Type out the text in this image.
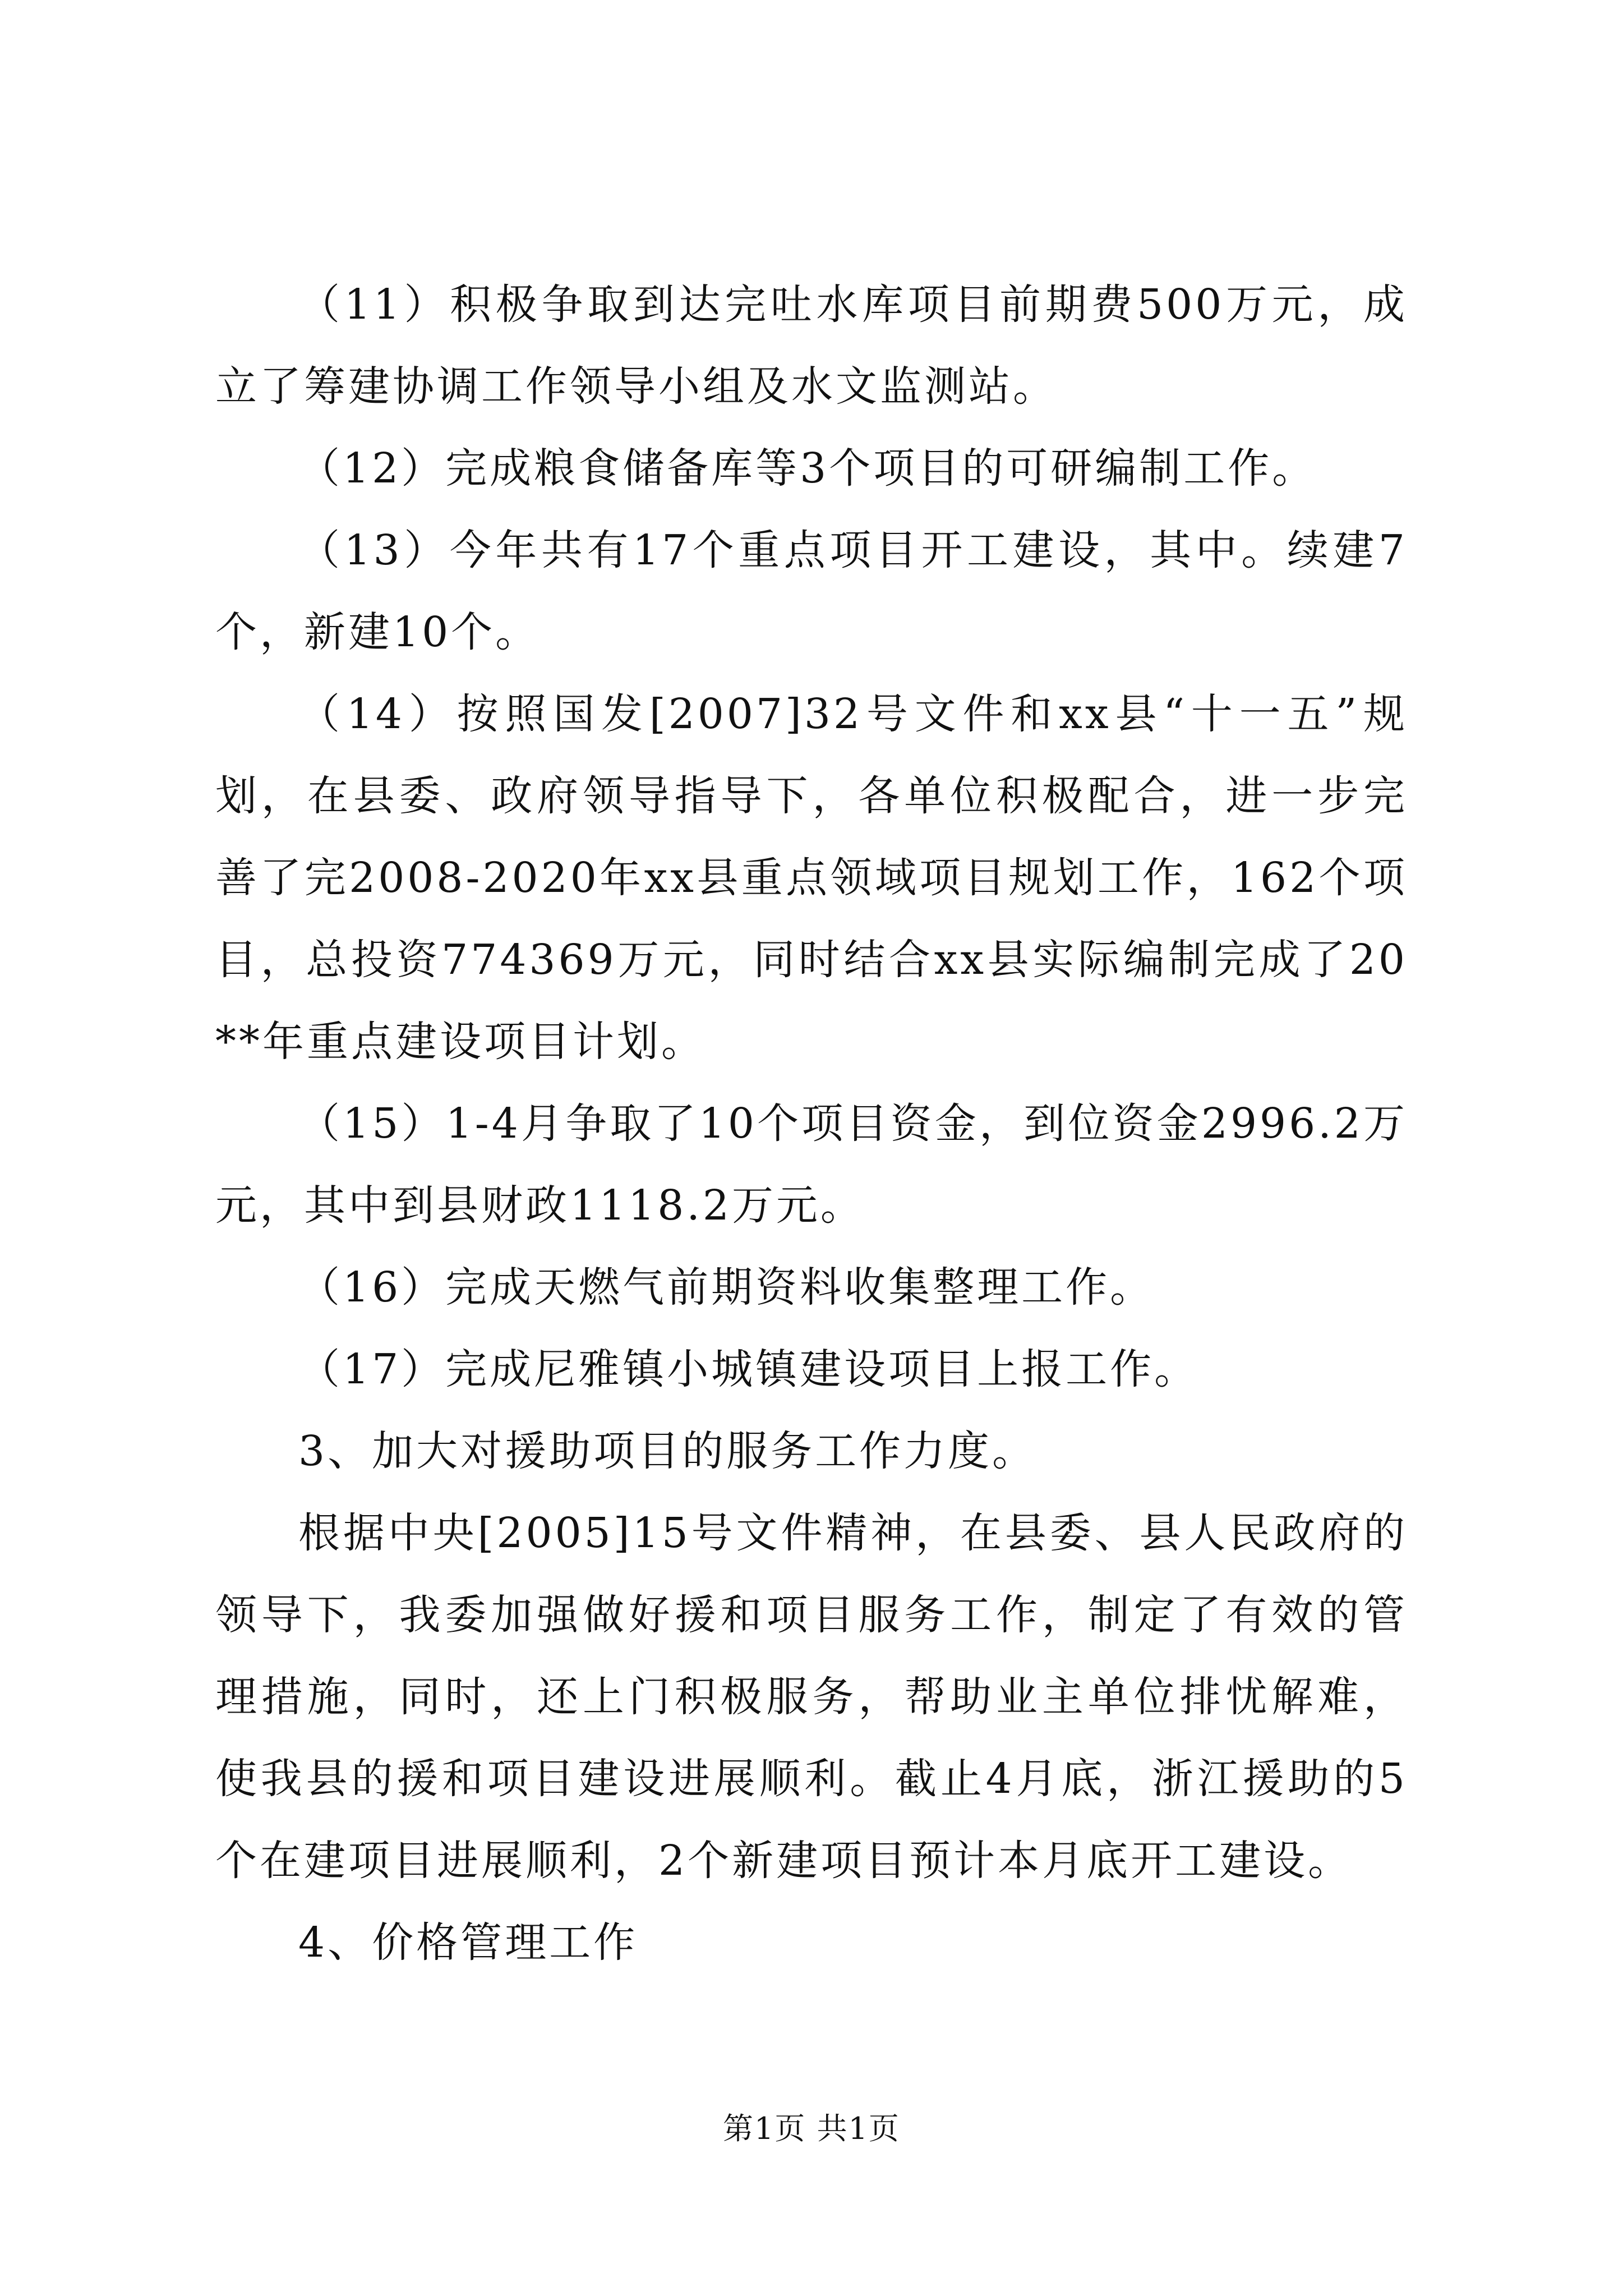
（11）积极争取到达完吐水库项目前期费500万元，成立了筹建协调工作领导小组及水文监测站。

（12）完成粮食储备库等3个项目的可研编制工作。

（13）今年共有17个重点项目开工建设，其中。续建7个，新建10个。

（14）按照国发[2007]32号文件和xx县“十一五”规划，在县委、政府领导指导下，各单位积极配合，进一步完善了完2008-2020年xx县重点领域项目规划工作，162个项目，总投资774369万元，同时结合xx县实际编制完成了20**年重点建设项目计划。

（15）1-4月争取了10个项目资金，到位资金2996.2万元，其中到县财政1118.2万元。

（16）完成天燃气前期资料收集整理工作。

（17）完成尼雅镇小城镇建设项目上报工作。

3、加大对援助项目的服务工作力度。

根据中央[2005]15号文件精神，在县委、县人民政府的领导下，我委加强做好援和项目服务工作，制定了有效的管理措施，同时，还上门积极服务，帮助业主单位排忧解难，使我县的援和项目建设进展顺利。截止4月底，浙江援助的5个在建项目进展顺利，2个新建项目预计本月底开工建设。

4、价格管理工作

第1页 共1页
